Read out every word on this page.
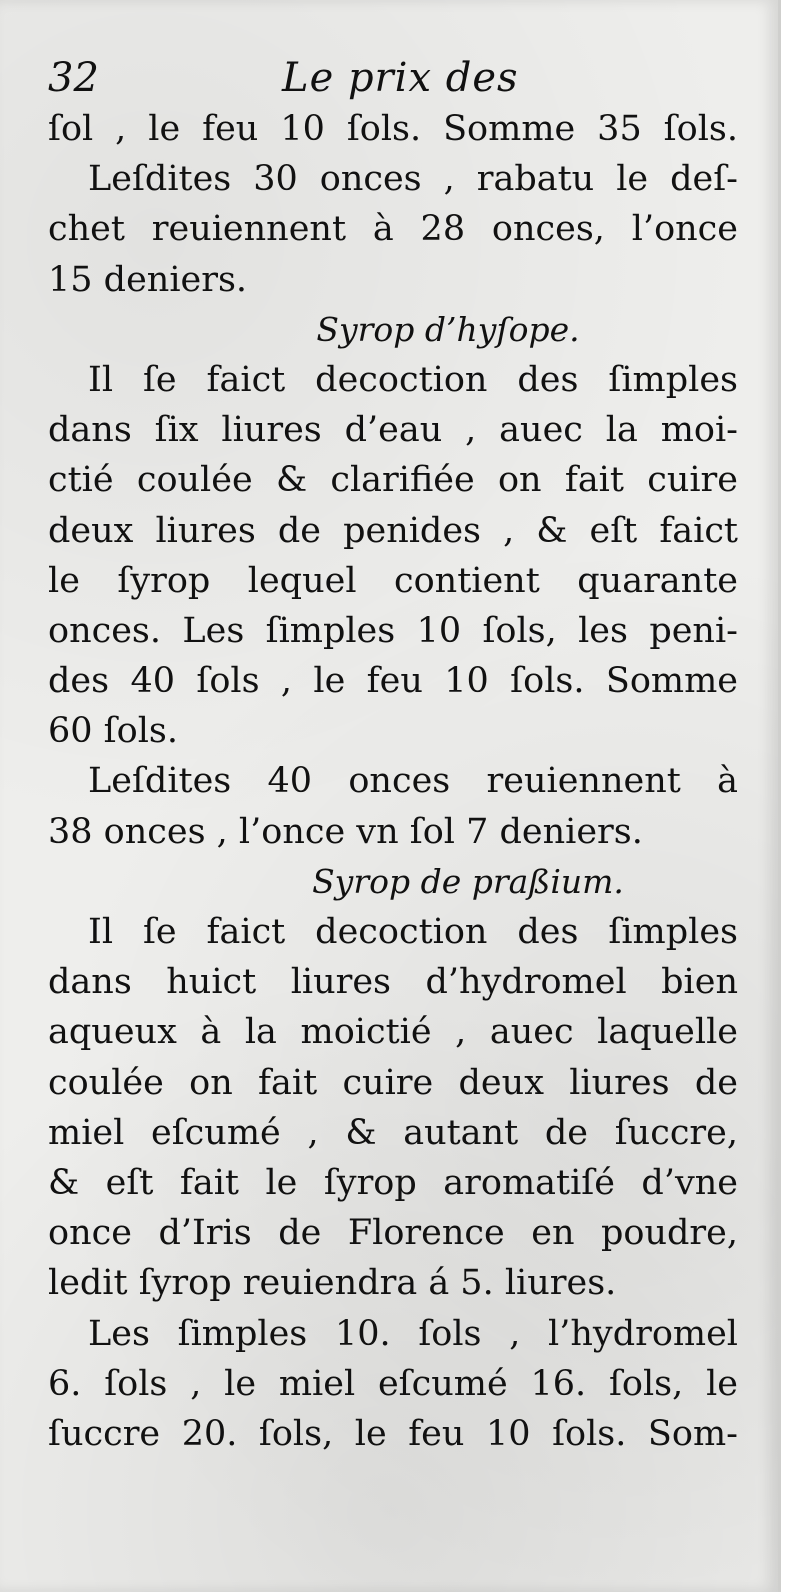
32	Le prix des
ſol , le feu 10 ſols. Somme 35 ſols.
Leſdites 30 onces , rabatu le deſ-
chet reuiennent à 28 onces, l’once
15 deniers.
Syrop d’hyſope.
Il ſe faict decoction des ſimples
dans ſix liures d’eau , auec la moi-
ctié coulée & clarifiée on fait cuire
deux liures de penides , & eſt faict
le ſyrop lequel contient quarante
onces. Les ſimples 10 ſols, les peni-
des 40 ſols , le feu 10 ſols. Somme
60 ſols.
Leſdites 40 onces reuiennent à
38 onces , l’once vn ſol 7 deniers.
Syrop de praßium.
Il ſe faict decoction des ſimples
dans huict liures d’hydromel bien
aqueux à la moictié , auec laquelle
coulée on fait cuire deux liures de
miel eſcumé , & autant de ſuccre,
& eſt fait le ſyrop aromatiſé d’vne
once d’Iris de Florence en poudre,
ledit ſyrop reuiendra á 5. liures.
Les ſimples 10. ſols , l’hydromel
6. ſols , le miel eſcumé 16. ſols, le
ſuccre 20. ſols, le feu 10 ſols. Som-
